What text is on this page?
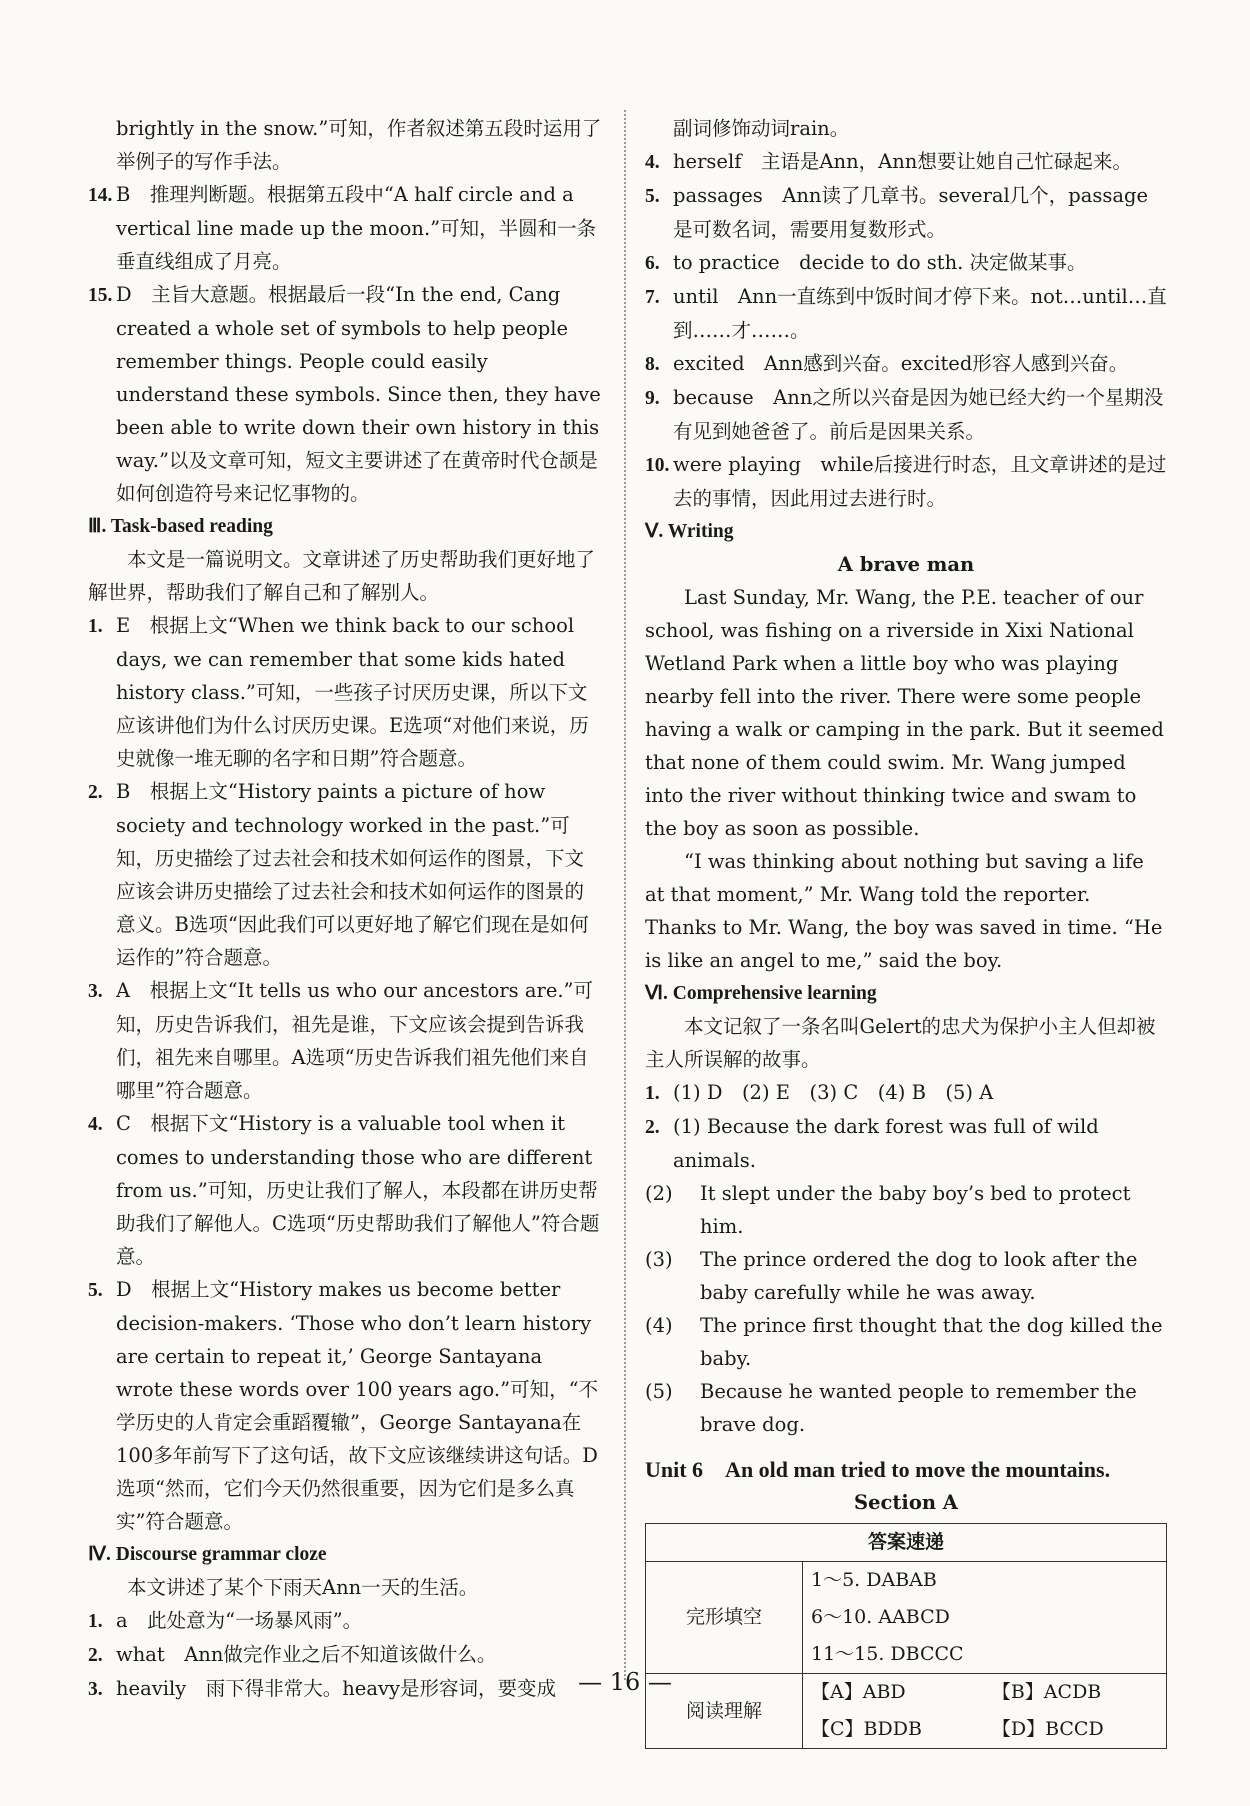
brightly in the snow.”可知，作者叙述第五段时运用了举例子的写作手法。

14. B　推理判断题。根据第五段中“A half circle and a vertical line made up the moon.”可知，半圆和一条垂直线组成了月亮。

15. D　主旨大意题。根据最后一段“In the end, Cang created a whole set of symbols to help people remember things. People could easily understand these symbols. Since then, they have been able to write down their own history in this way.”以及文章可知，短文主要讲述了在黄帝时代仓颉是如何创造符号来记忆事物的。

Ⅲ. Task-based reading

本文是一篇说明文。文章讲述了历史帮助我们更好地了解世界，帮助我们了解自己和了解别人。

1. E　根据上文“When we think back to our school days, we can remember that some kids hated history class.”可知，一些孩子讨厌历史课，所以下文应该讲他们为什么讨厌历史课。E选项“对他们来说，历史就像一堆无聊的名字和日期”符合题意。

2. B　根据上文“History paints a picture of how society and technology worked in the past.”可知，历史描绘了过去社会和技术如何运作的图景，下文应该会讲历史描绘了过去社会和技术如何运作的图景的意义。B选项“因此我们可以更好地了解它们现在是如何运作的”符合题意。

3. A　根据上文“It tells us who our ancestors are.”可知，历史告诉我们，祖先是谁，下文应该会提到告诉我们，祖先来自哪里。A选项“历史告诉我们祖先他们来自哪里”符合题意。

4. C　根据下文“History is a valuable tool when it comes to understanding those who are different from us.”可知，历史让我们了解人，本段都在讲历史帮助我们了解他人。C选项“历史帮助我们了解他人”符合题意。

5. D　根据上文“History makes us become better decision-makers. ‘Those who don’t learn history are certain to repeat it,’ George Santayana wrote these words over 100 years ago.”可知，“不学历史的人肯定会重蹈覆辙”，George Santayana在100多年前写下了这句话，故下文应该继续讲这句话。D选项“然而，它们今天仍然很重要，因为它们是多么真实”符合题意。

Ⅳ. Discourse grammar cloze

本文讲述了某个下雨天Ann一天的生活。

1. a　此处意为“一场暴风雨”。

2. what　Ann做完作业之后不知道该做什么。

3. heavily　雨下得非常大。heavy是形容词，要变成

副词修饰动词rain。

4. herself　主语是Ann，Ann想要让她自己忙碌起来。

5. passages　Ann读了几章书。several几个，passage是可数名词，需要用复数形式。

6. to practice　decide to do sth. 决定做某事。

7. until　Ann一直练到中饭时间才停下来。not…until…直到……才……。

8. excited　Ann感到兴奋。excited形容人感到兴奋。

9. because　Ann之所以兴奋是因为她已经大约一个星期没有见到她爸爸了。前后是因果关系。

10. were playing　while后接进行时态，且文章讲述的是过去的事情，因此用过去进行时。

Ⅴ. Writing

A brave man

Last Sunday, Mr. Wang, the P.E. teacher of our school, was fishing on a riverside in Xixi National Wetland Park when a little boy who was playing nearby fell into the river. There were some people having a walk or camping in the park. But it seemed that none of them could swim. Mr. Wang jumped into the river without thinking twice and swam to the boy as soon as possible.

“I was thinking about nothing but saving a life at that moment,” Mr. Wang told the reporter. Thanks to Mr. Wang, the boy was saved in time. “He is like an angel to me,” said the boy.

Ⅵ. Comprehensive learning

本文记叙了一条名叫Gelert的忠犬为保护小主人但却被主人所误解的故事。

1. (1) D　(2) E　(3) C　(4) B　(5) A

2. (1) Because the dark forest was full of wild animals.

(2) It slept under the baby boy’s bed to protect him.

(3) The prince ordered the dog to look after the baby carefully while he was away.

(4) The prince first thought that the dog killed the baby.

(5) Because he wanted people to remember the brave dog.

Unit 6　An old man tried to move the mountains.

Section A

答案速递		
完形填空	1～5. DABAB	
	6～10. AABCD	
	11～15. DBCCC	
阅读理解	【A】ABD	【B】ACDB
	【C】BDDB	【D】BCCD
— 16 —
